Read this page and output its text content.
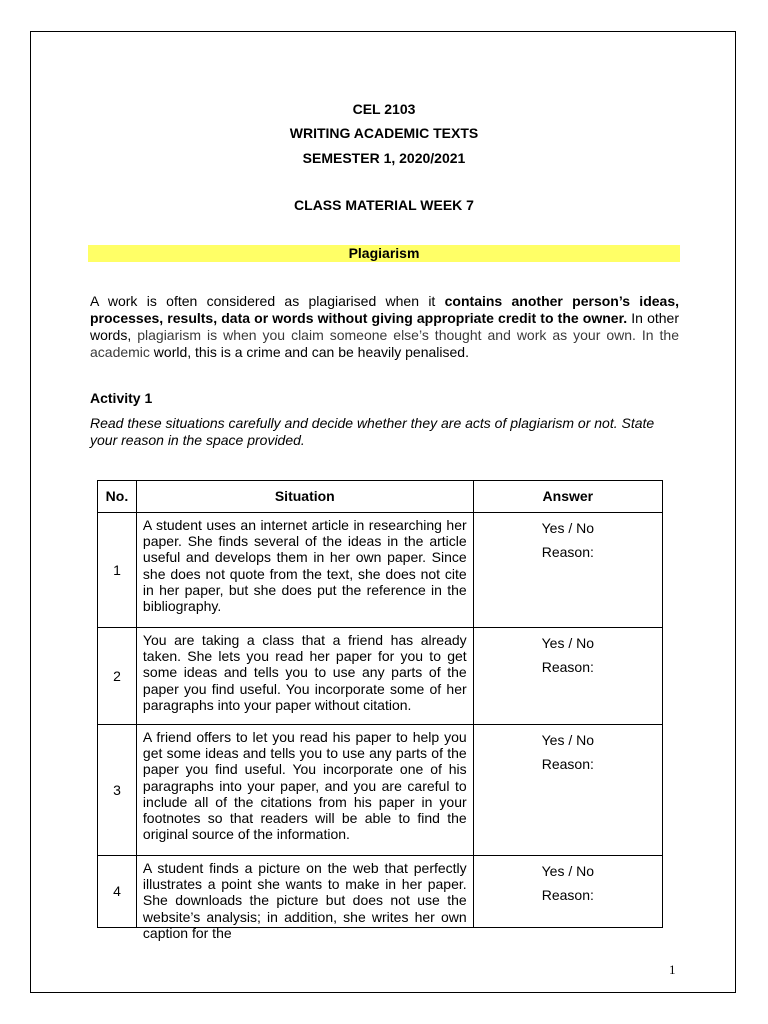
CEL 2103
WRITING ACADEMIC TEXTS
SEMESTER 1, 2020/2021
CLASS MATERIAL WEEK 7
Plagiarism
A work is often considered as plagiarised when it contains another person’s ideas, processes, results, data or words without giving appropriate credit to the owner. In other words, plagiarism is when you claim someone else’s thought and work as your own. In the academic world, this is a crime and can be heavily penalised.
Activity 1
Read these situations carefully and decide whether they are acts of plagiarism or not. State your reason in the space provided.
No.	Situation	Answer
1	A student uses an internet article in researching her paper. She finds several of the ideas in the article useful and develops them in her own paper. Since she does not quote from the text, she does not cite in her paper, but she does put the reference in the bibliography.	Yes / No
Reason:

2	You are taking a class that a friend has already taken. She lets you read her paper for you to get some ideas and tells you to use any parts of the paper you find useful. You incorporate some of her paragraphs into your paper without citation.	Yes / No
Reason:

3	A friend offers to let you read his paper to help you get some ideas and tells you to use any parts of the paper you find useful. You incorporate one of his paragraphs into your paper, and you are careful to include all of the citations from his paper in your footnotes so that readers will be able to find the original source of the information.	Yes / No
Reason:

4	A student finds a picture on the web that perfectly illustrates a point she wants to make in her paper. She downloads the picture but does not use the website’s analysis; in addition, she writes her own caption for the	Yes / No
Reason:
1
